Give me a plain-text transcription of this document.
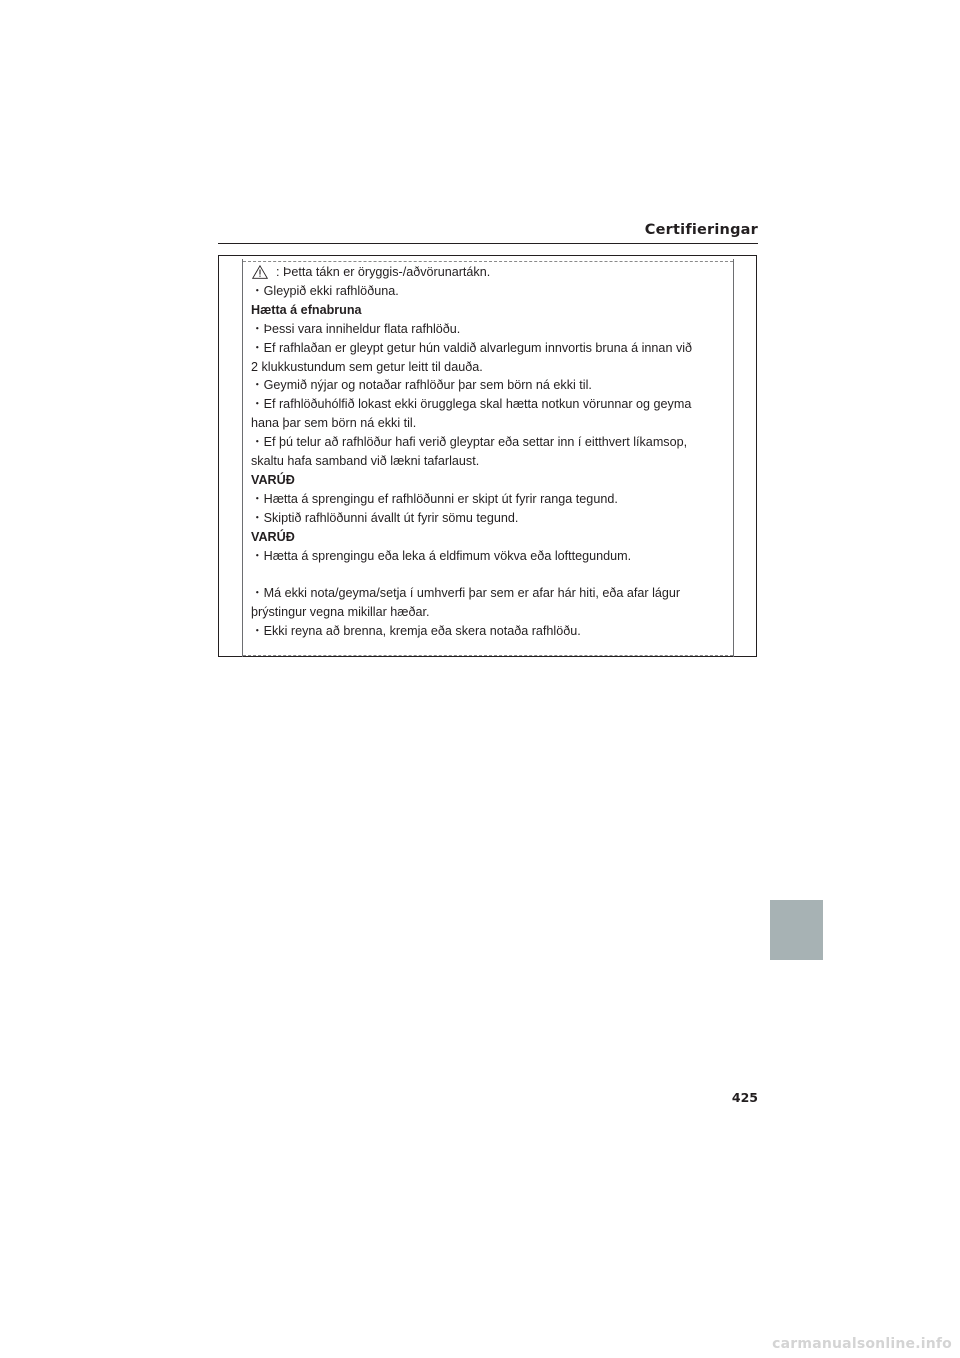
Certifieringar

: Þetta tákn er öryggis-/aðvörunartákn.

・Gleypið ekki rafhlöðuna.

Hætta á efnabruna

・Þessi vara inniheldur flata rafhlöðu.

・Ef rafhlaðan er gleypt getur hún valdið alvarlegum innvortis bruna á innan við

2 klukkustundum sem getur leitt til dauða.

・Geymið nýjar og notaðar rafhlöður þar sem börn ná ekki til.

・Ef rafhlöðuhólfið lokast ekki örugglega skal hætta notkun vörunnar og geyma

hana þar sem börn ná ekki til.

・Ef þú telur að rafhlöður hafi verið gleyptar eða settar inn í eitthvert líkamsop,

skaltu hafa samband við lækni tafarlaust.

VARÚÐ

・Hætta á sprengingu ef rafhlöðunni er skipt út fyrir ranga tegund.

・Skiptið rafhlöðunni ávallt út fyrir sömu tegund.

VARÚÐ

・Hætta á sprengingu eða leka á eldfimum vökva eða lofttegundum.

・Má ekki nota/geyma/setja í umhverfi þar sem er afar hár hiti, eða afar lágur

þrýstingur vegna mikillar hæðar.

・Ekki reyna að brenna, kremja eða skera notaða rafhlöðu.

425
carmanualsonline.info
